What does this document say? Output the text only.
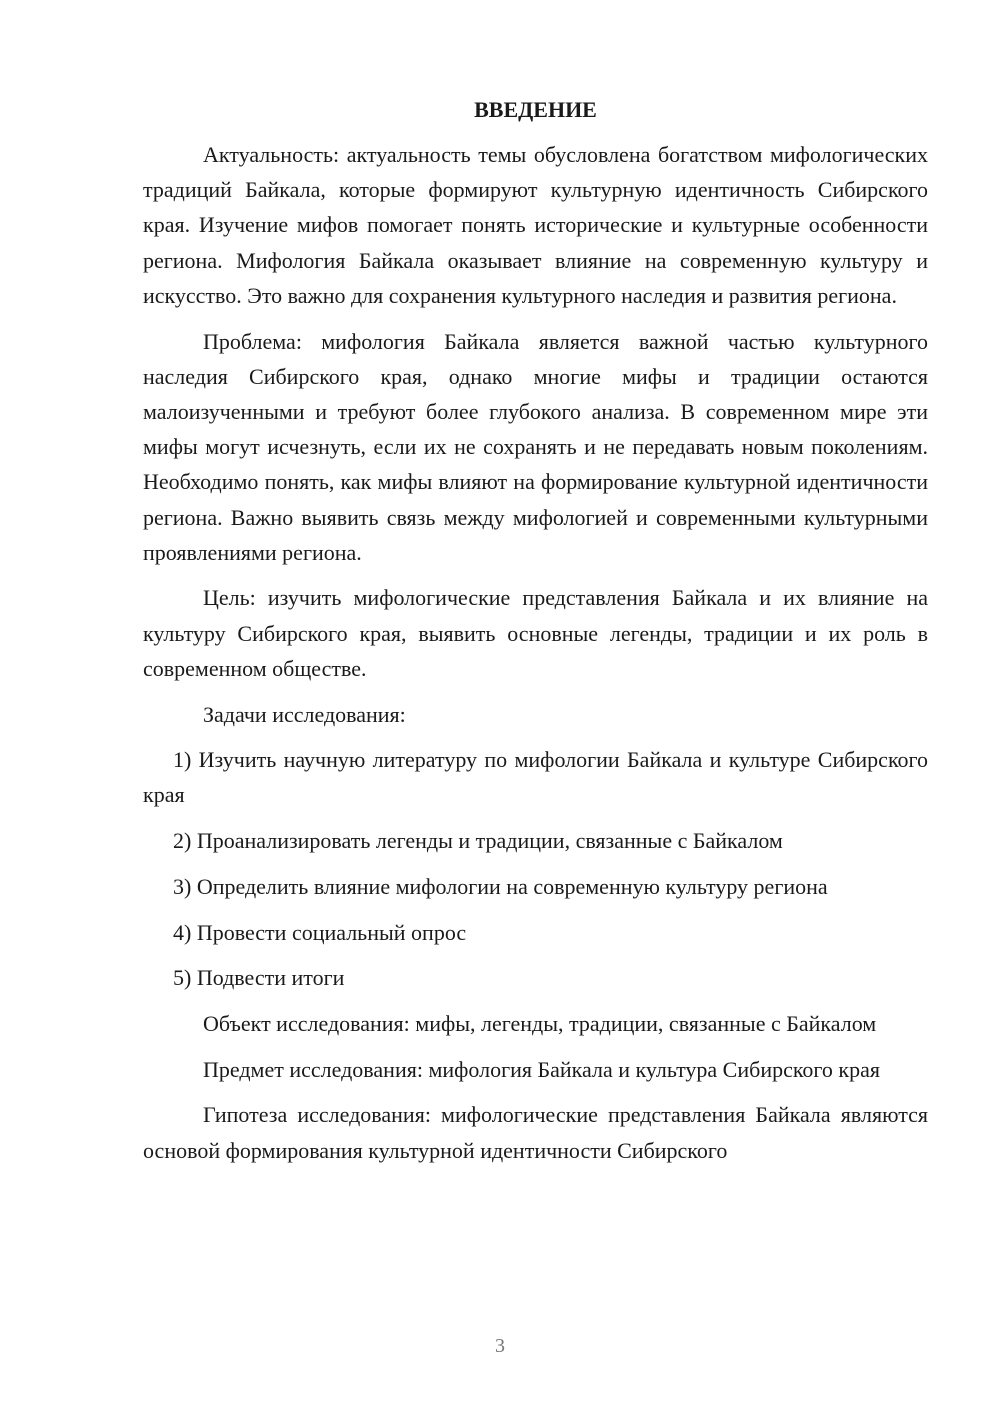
ВВЕДЕНИЕ

Актуальность: актуальность темы обусловлена богатством мифологических традиций Байкала, которые формируют культурную идентичность Сибирского края. Изучение мифов помогает понять исторические и культурные особенности региона. Мифология Байкала оказывает влияние на современную культуру и искусство. Это важно для сохранения культурного наследия и развития региона.

Проблема: мифология Байкала является важной частью культурного наследия Сибирского края, однако многие мифы и традиции остаются малоизученными и требуют более глубокого анализа. В современном мире эти мифы могут исчезнуть, если их не сохранять и не передавать новым поколениям. Необходимо понять, как мифы влияют на формирование культурной идентичности региона. Важно выявить связь между мифологией и современными культурными проявлениями региона.

Цель: изучить мифологические представления Байкала и их влияние на культуру Сибирского края, выявить основные легенды, традиции и их роль в современном обществе.

Задачи исследования:

1) Изучить научную литературу по мифологии Байкала и культуре Сибирского края

2) Проанализировать легенды и традиции, связанные с Байкалом

3) Определить влияние мифологии на современную культуру региона

4) Провести социальный опрос

5) Подвести итоги

Объект исследования: мифы, легенды, традиции, связанные с Байкалом

Предмет исследования: мифология Байкала и культура Сибирского края

Гипотеза исследования: мифологические представления Байкала являются основой формирования культурной идентичности Сибирского

3
